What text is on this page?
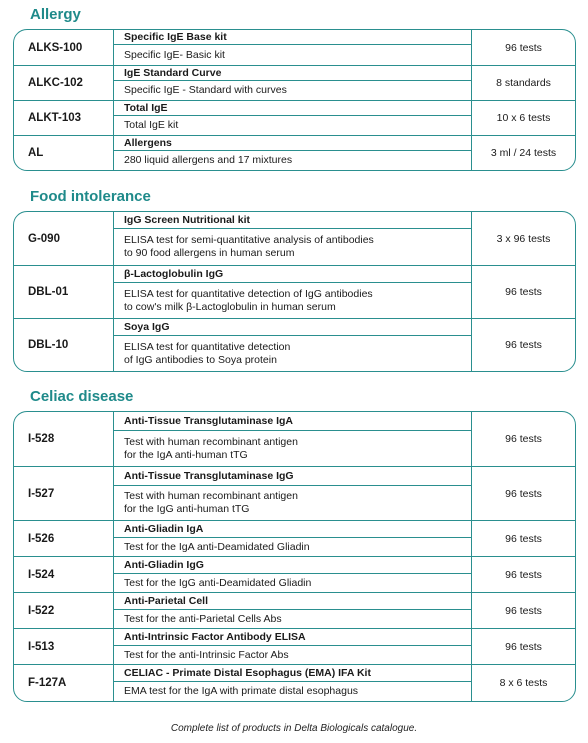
Allergy
ALKS-100
Specific IgE Base kit
Specific IgE- Basic kit
96 tests
ALKC-102
IgE Standard Curve
Specific IgE - Standard with curves
8 standards
ALKT-103
Total IgE
Total IgE kit
10 x 6 tests
AL
Allergens
280 liquid allergens and 17 mixtures
3 ml / 24 tests
Food intolerance
G-090
IgG Screen Nutritional kit
ELISA test for semi-quantitative analysis of antibodies
to 90 food allergens in human serum
3 x 96 tests
DBL-01
β-Lactoglobulin IgG
ELISA test for quantitative detection of IgG antibodies
to cow's milk β-Lactoglobulin in human serum
96 tests
DBL-10
Soya IgG
ELISA test for quantitative detection
of IgG antibodies to Soya protein
96 tests
Celiac disease
I-528
Anti-Tissue Transglutaminase IgA
Test with human recombinant antigen
for the IgA anti-human tTG
96 tests
I-527
Anti-Tissue Transglutaminase IgG
Test with human recombinant antigen
for the IgG anti-human tTG
96 tests
I-526
Anti-Gliadin IgA
Test for the IgA anti-Deamidated Gliadin
96 tests
I-524
Anti-Gliadin IgG
Test for the IgG anti-Deamidated Gliadin
96 tests
I-522
Anti-Parietal Cell
Test for the anti-Parietal Cells Abs
96 tests
I-513
Anti-Intrinsic Factor Antibody ELISA
Test for the anti-Intrinsic Factor Abs
96 tests
F-127A
CELIAC - Primate Distal Esophagus (EMA) IFA Kit
EMA test for the IgA with primate distal esophagus
8 x 6 tests
Complete list of products in Delta Biologicals catalogue.
